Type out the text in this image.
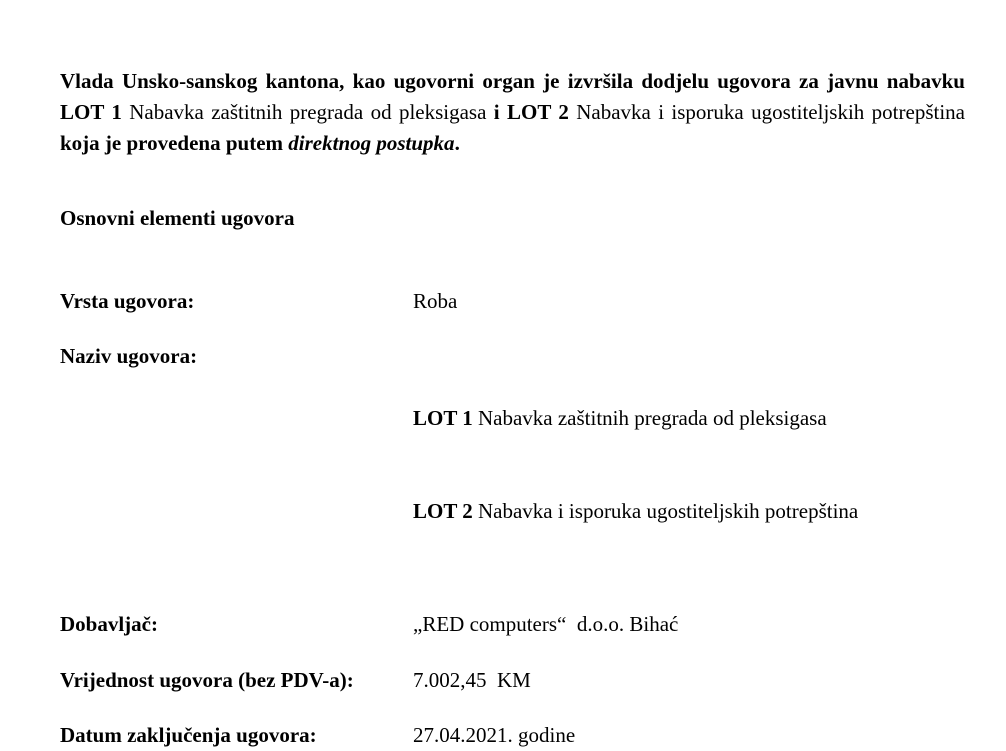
Vlada Unsko-sanskog kantona, kao ugovorni organ je izvršila dodjelu ugovora za javnu nabavku LOT 1 Nabavka zaštitnih pregrada od pleksigasa i LOT 2 Nabavka i isporuka ugostiteljskih potrepština koja je provedena putem direktnog postupka.

Osnovni elementi ugovora
Vrsta ugovora:	Roba
Naziv ugovora:

LOT 1 Nabavka zaštitnih pregrada od pleksigasa

LOT 2 Nabavka i isporuka ugostiteljskih potrepština

Dobavljač:	„RED computers“  d.o.o. Bihać
Vrijednost ugovora (bez PDV-a):	7.002,45  KM
Datum zaključenja ugovora:	27.04.2021. godine
